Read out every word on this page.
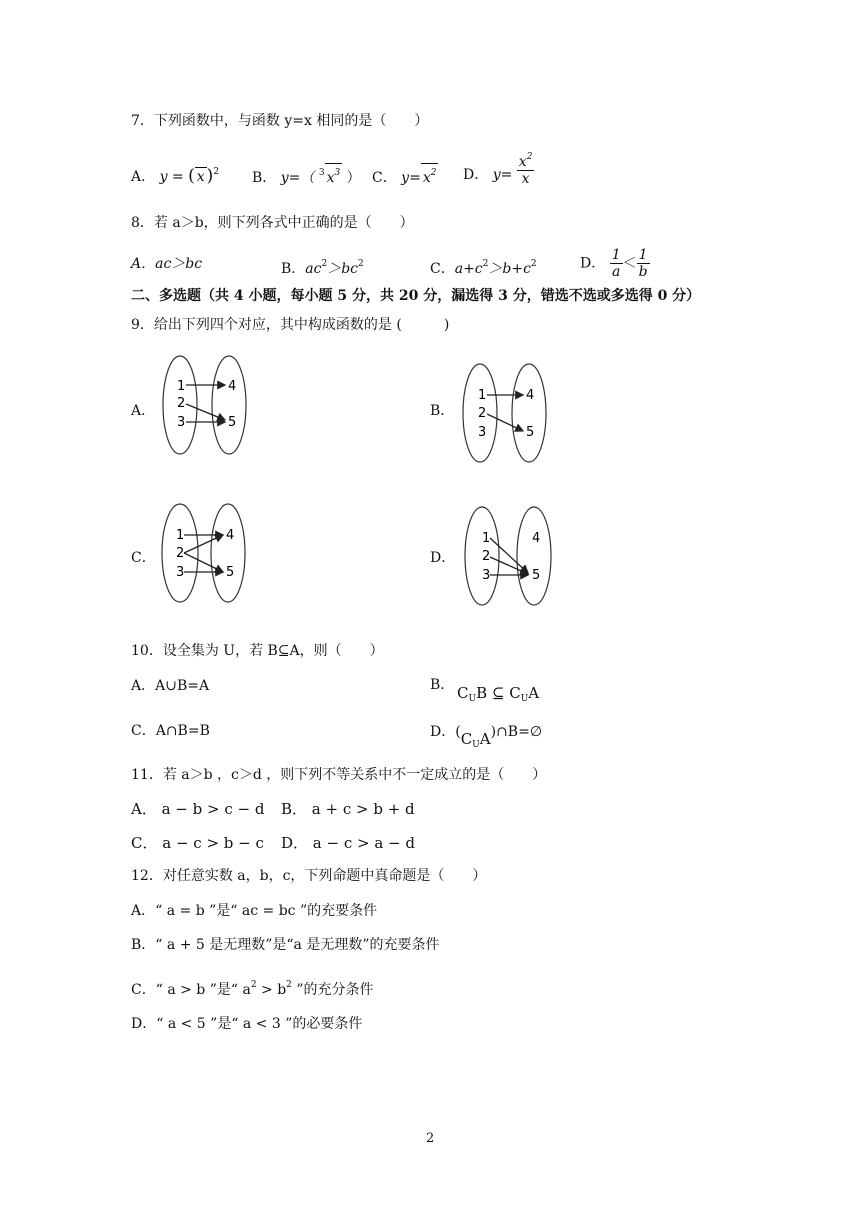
7．下列函数中，与函数 y=x 相同的是（　　）
A． y = ( x )$^2$ B． y=（ $^3$ $x^3$ ） C． $y= x^2$ D． $y= \frac{x^2}{x}$
8．若 a＞b，则下列各式中正确的是（　　）
A．ac＞bc	B．$ac^2>bc^2$	C．$a+c^2>b+c^2$	D． $\frac{1}{a} < \frac{1}{b}$
二、多选题（共 4 小题，每小题 5 分，共 20 分，漏选得 3 分，错选不选或多选得 0 分）
9．给出下列四个对应，其中构成函数的是 (　　　)
A．	B．
C．	D．
1
2
3
4
5
1
2
3
4
5
1
2
3
4
5
1
2
3
4
5
10．设全集为 U，若 B⊆A，则（　　）
A．A∪B=A	B． $C_UB$ ⊆ $C_UA$
C．A∩B=B	D．$(C_UA)\cap B=\emptyset$
11．若 a＞b ，c＞d ，则下列不等关系中不一定成立的是（　　）
A． a − b > c − d B． a + c > b + d
C． a − c > b − c D． a − c > a − d
12．对任意实数 a，b，c，下列命题中真命题是（　　）
A．“ a = b ”是“ ac = bc ”的充要条件
B．“ a + 5 是无理数”是“a 是无理数”的充要条件
C．“ a > b ”是“ $a^2 > b^2$ ”的充分条件
D．“ a < 5 ”是“ a < 3 ”的必要条件
2
